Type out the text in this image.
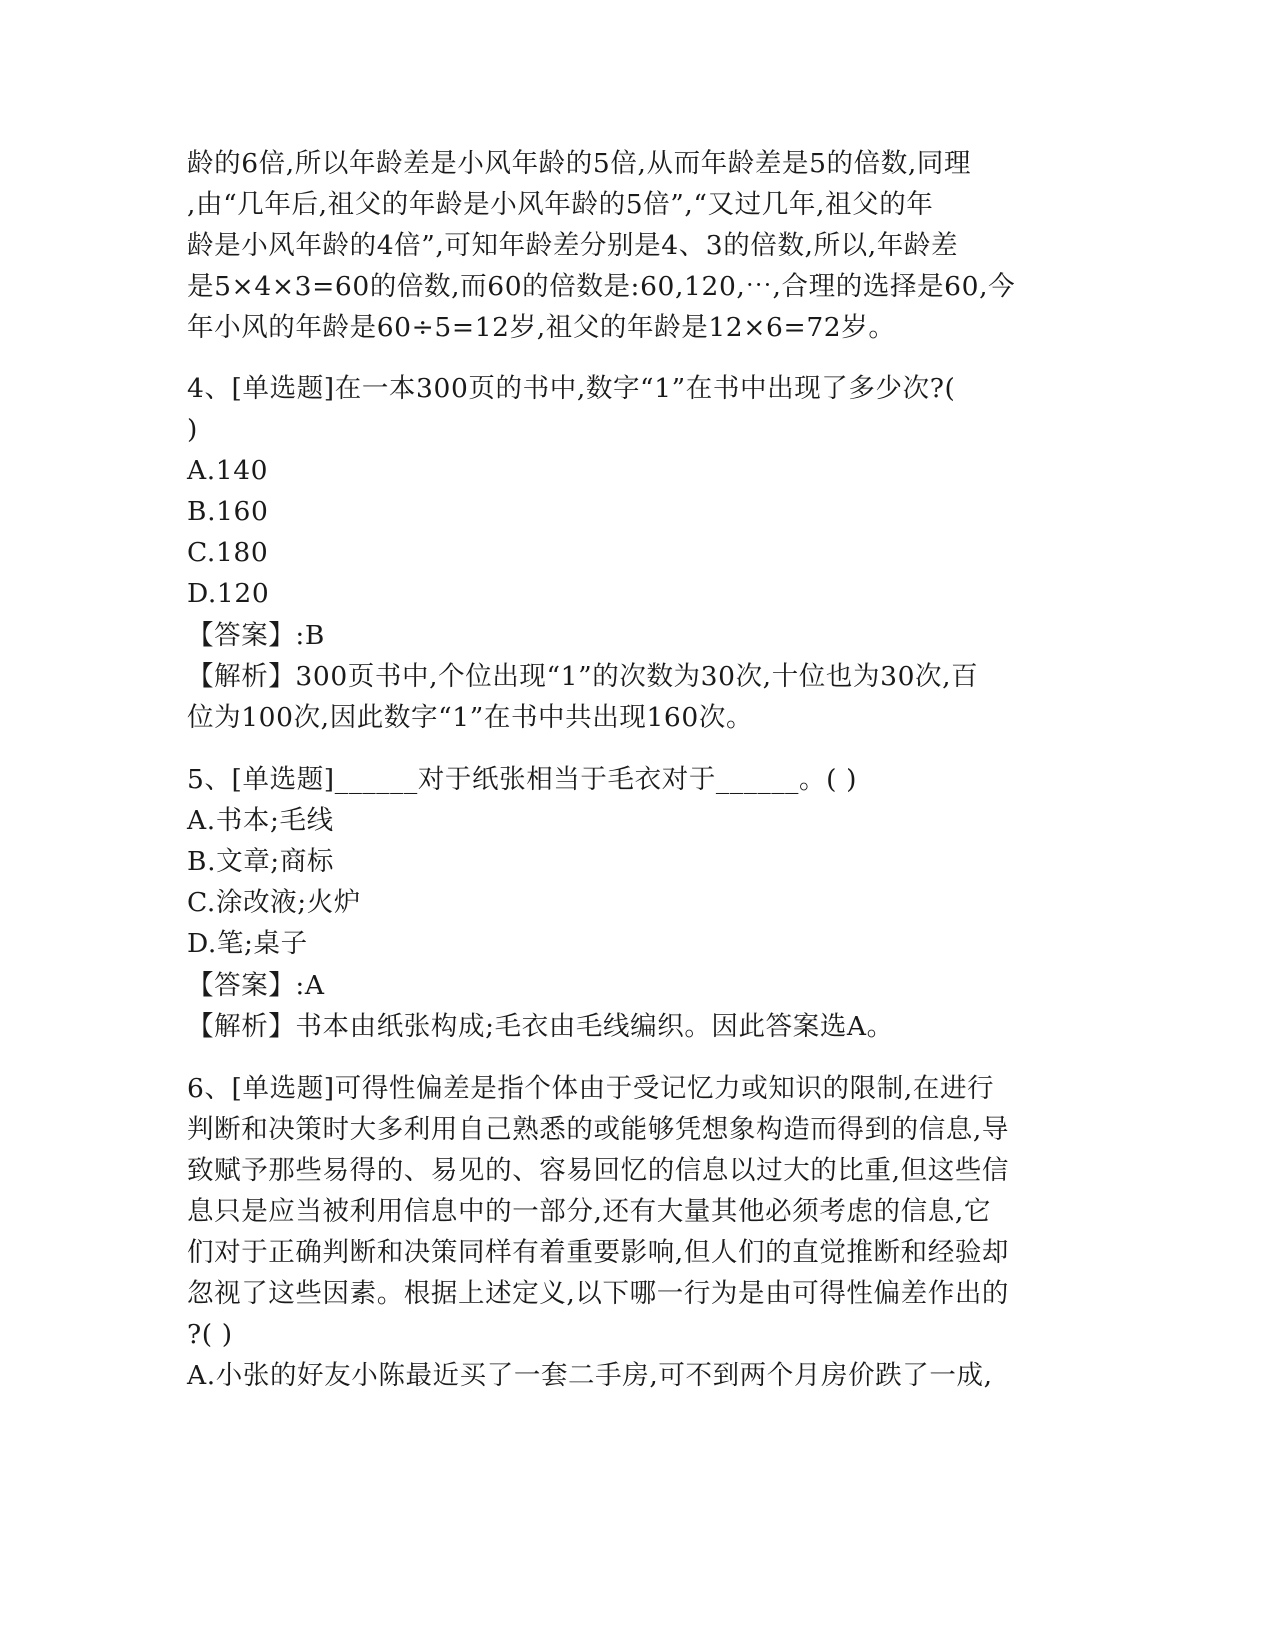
龄的6倍,所以年龄差是小风年龄的5倍,从而年龄差是5的倍数,同理
,由“几年后,祖父的年龄是小风年龄的5倍”,“又过几年,祖父的年
龄是小风年龄的4倍”,可知年龄差分别是4、3的倍数,所以,年龄差
是5×4×3=60的倍数,而60的倍数是:60,120,⋯,合理的选择是60,今
年小风的年龄是60÷5=12岁,祖父的年龄是12×6=72岁。
4、[单选题]在一本300页的书中,数字“1”在书中出现了多少次?(
)
A.140
B.160
C.180
D.120
【答案】:B
【解析】300页书中,个位出现“1”的次数为30次,十位也为30次,百
位为100次,因此数字“1”在书中共出现160次。
5、[单选题]______对于纸张相当于毛衣对于______。( )
A.书本;毛线
B.文章;商标
C.涂改液;火炉
D.笔;桌子
【答案】:A
【解析】书本由纸张构成;毛衣由毛线编织。因此答案选A。
6、[单选题]可得性偏差是指个体由于受记忆力或知识的限制,在进行
判断和决策时大多利用自己熟悉的或能够凭想象构造而得到的信息,导
致赋予那些易得的、易见的、容易回忆的信息以过大的比重,但这些信
息只是应当被利用信息中的一部分,还有大量其他必须考虑的信息,它
们对于正确判断和决策同样有着重要影响,但人们的直觉推断和经验却
忽视了这些因素。根据上述定义,以下哪一行为是由可得性偏差作出的
?( )
A.小张的好友小陈最近买了一套二手房,可不到两个月房价跌了一成,
